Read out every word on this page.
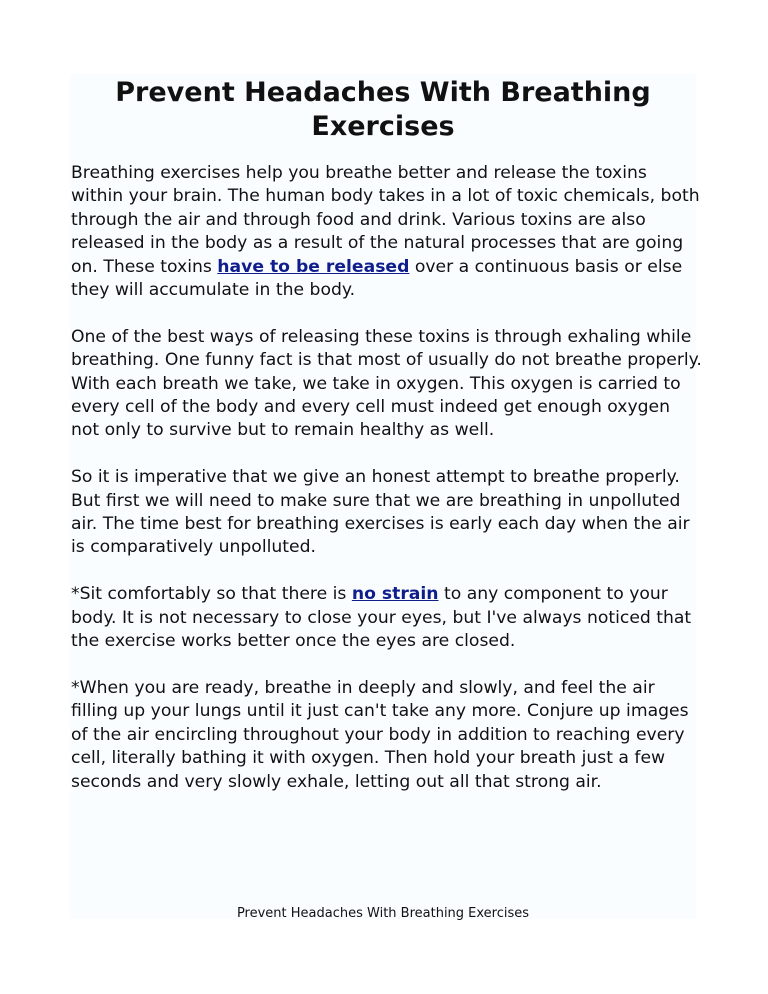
Prevent Headaches With Breathing
Exercises

Breathing exercises help you breathe better and release the toxins within your brain. The human body takes in a lot of toxic chemicals, both through the air and through food and drink. Various toxins are also released in the body as a result of the natural processes that are going on. These toxins have to be released over a continuous basis or else they will accumulate in the body.

One of the best ways of releasing these toxins is through exhaling while breathing. One funny fact is that most of usually do not breathe properly. With each breath we take, we take in oxygen. This oxygen is carried to every cell of the body and every cell must indeed get enough oxygen not only to survive but to remain healthy as well.

So it is imperative that we give an honest attempt to breathe properly. But first we will need to make sure that we are breathing in unpolluted air. The time best for breathing exercises is early each day when the air is comparatively unpolluted.

*Sit comfortably so that there is no strain to any component to your body. It is not necessary to close your eyes, but I've always noticed that the exercise works better once the eyes are closed.

*When you are ready, breathe in deeply and slowly, and feel the air filling up your lungs until it just can't take any more. Conjure up images of the air encircling throughout your body in addition to reaching every cell, literally bathing it with oxygen. Then hold your breath just a few seconds and very slowly exhale, letting out all that strong air.

Prevent Headaches With Breathing Exercises
